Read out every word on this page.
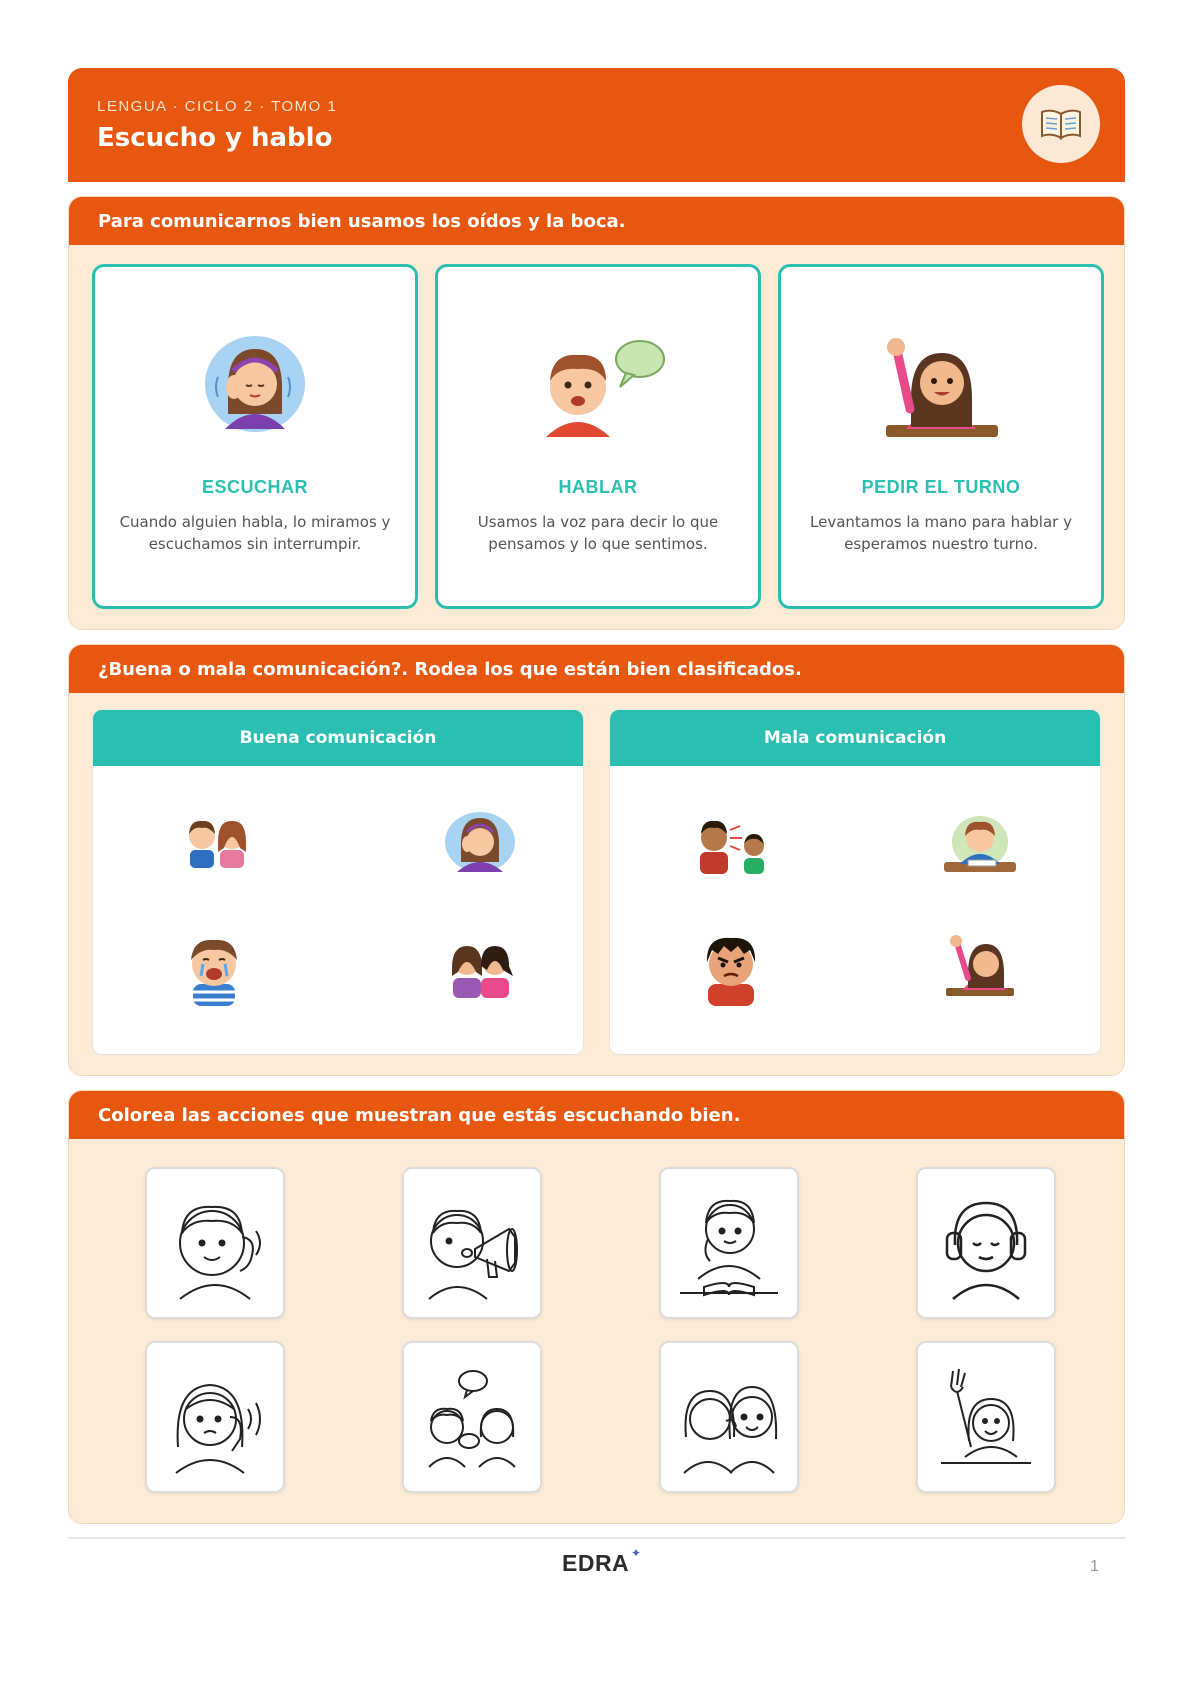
LENGUA · CICLO 2 · TOMO 1
Escucho y hablo
Para comunicarnos bien usamos los oídos y la boca.
ESCUCHAR
Cuando alguien habla, lo miramos y escuchamos sin interrumpir.
HABLAR
Usamos la voz para decir lo que pensamos y lo que sentimos.
PEDIR EL TURNO
Levantamos la mano para hablar y esperamos nuestro turno.
¿Buena o mala comunicación?. Rodea los que están bien clasificados.
Buena comunicación	Mala comunicación
Colorea las acciones que muestran que estás escuchando bien.
EDRA ✦
1
